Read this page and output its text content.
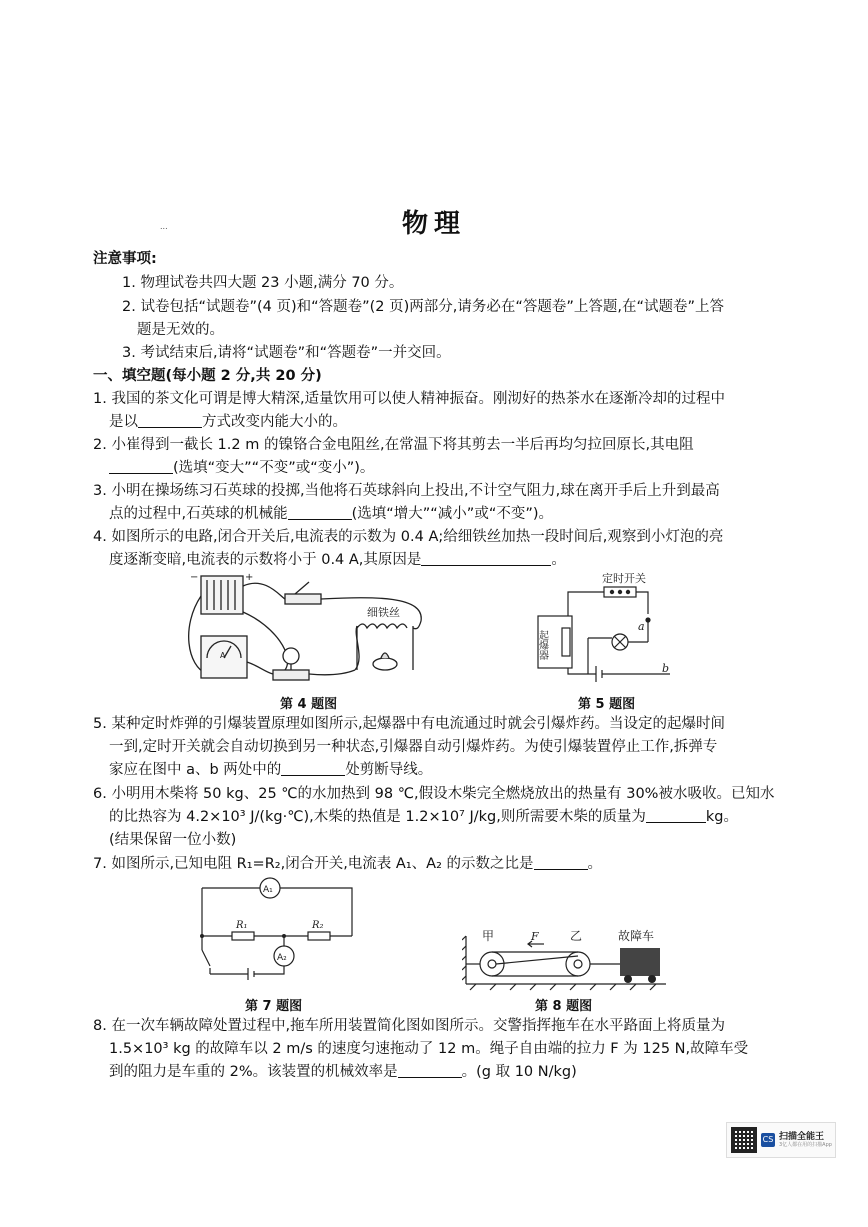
...	物理
注意事项:
1. 物理试卷共四大题 23 小题,满分 70 分。
2. 试卷包括“试题卷”(4 页)和“答题卷”(2 页)两部分,请务必在“答题卷”上答题,在“试题卷”上答
题是无效的。
3. 考试结束后,请将“试题卷”和“答题卷”一并交回。
一、填空题(每小题 2 分,共 20 分)
1. 我国的茶文化可谓是博大精深,适量饮用可以使人精神振奋。刚沏好的热茶水在逐渐冷却的过程中
是以	方式改变内能大小的。
2. 小崔得到一截长 1.2 m 的镍铬合金电阻丝,在常温下将其剪去一半后再均匀拉回原长,其电阻
(选填“变大”“不变”或“变小”)。
3. 小明在操场练习石英球的投掷,当他将石英球斜向上投出,不计空气阻力,球在离开手后上升到最高
点的过程中,石英球的机械能	(选填“增大”“减小”或“不变”)。
4. 如图所示的电路,闭合开关后,电流表的示数为 0.4 A;给细铁丝加热一段时间后,观察到小灯泡的亮
度逐渐变暗,电流表的示数将小于 0.4 A,其原因是	。
−	+
A
细铁丝
第 4 题图
定时开关
起爆器
a
b
第 5 题图
5. 某种定时炸弹的引爆装置原理如图所示,起爆器中有电流通过时就会引爆炸药。当设定的起爆时间
一到,定时开关就会自动切换到另一种状态,引爆器自动引爆炸药。为使引爆装置停止工作,拆弹专
家应在图中 a、b 两处中的	处剪断导线。
6. 小明用木柴将 50 kg、25 ℃的水加热到 98 ℃,假设木柴完全燃烧放出的热量有 30%被水吸收。已知水
的比热容为 4.2×10³ J/(kg·℃),木柴的热值是 1.2×10⁷ J/kg,则所需要木柴的质量为	kg。
(结果保留一位小数)
7. 如图所示,已知电阻 R₁=R₂,闭合开关,电流表 A₁、A₂ 的示数之比是	。
A₁
A₂
R₁	R₂
第 7 题图
甲	F	乙	故障车
第 8 题图
8. 在一次车辆故障处置过程中,拖车所用装置简化图如图所示。交警指挥拖车在水平路面上将质量为
1.5×10³ kg 的故障车以 2 m/s 的速度匀速拖动了 12 m。绳子自由端的拉力 F 为 125 N,故障车受
到的阻力是车重的 2%。该装置的机械效率是	。(g 取 10 N/kg)
CS 扫描全能王
3亿人都在用的扫描App
